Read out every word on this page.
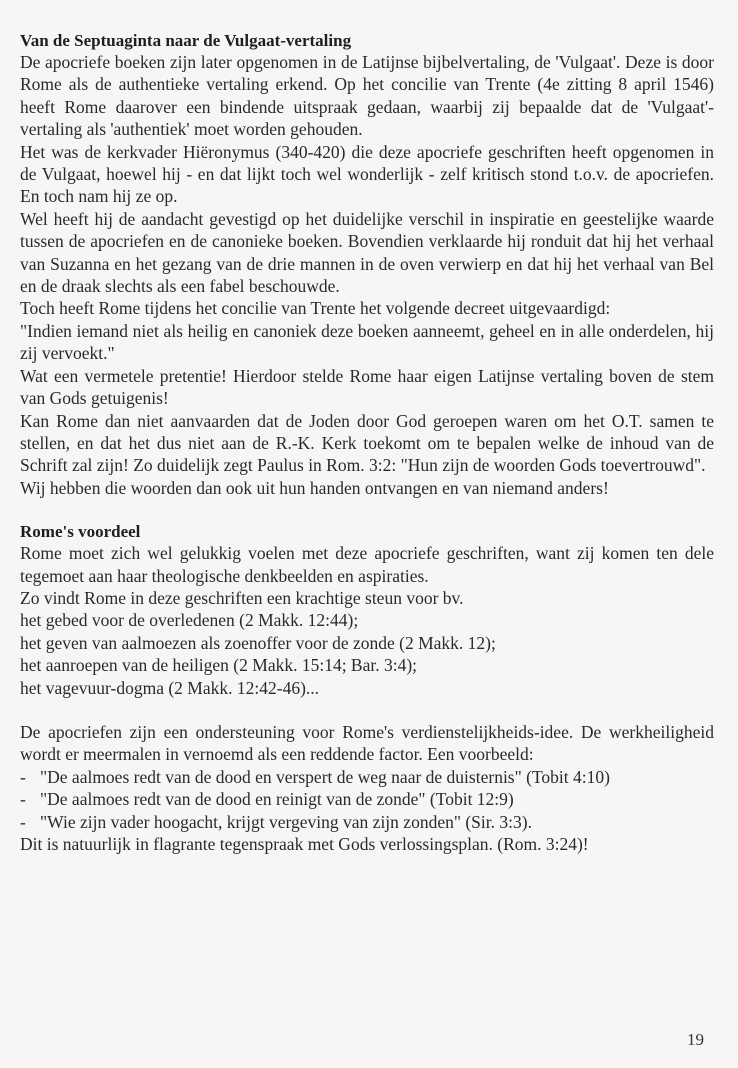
Van de Septuaginta naar de Vulgaat-vertaling

De apocriefe boeken zijn later opgenomen in de Latijnse bijbelvertaling, de 'Vulgaat'. Deze is door Rome als de authentieke vertaling erkend. Op het concilie van Trente (4e zitting 8 april 1546) heeft Rome daarover een bindende uitspraak gedaan, waarbij zij bepaalde dat de 'Vulgaat'- vertaling als 'authentiek' moet worden gehouden.

Het was de kerkvader Hiëronymus (340-420) die deze apocriefe geschriften heeft opgenomen in de Vulgaat, hoewel hij - en dat lijkt toch wel wonderlijk - zelf kritisch stond t.o.v. de apocriefen. En toch nam hij ze op.

Wel heeft hij de aandacht gevestigd op het duidelijke verschil in inspiratie en geestelijke waarde tussen de apocriefen en de canonieke boeken. Bovendien verklaarde hij ronduit dat hij het verhaal van Suzanna en het gezang van de drie mannen in de oven verwierp en dat hij het verhaal van Bel en de draak slechts als een fabel beschouwde.

Toch heeft Rome tijdens het concilie van Trente het volgende decreet uitgevaardigd:

"Indien iemand niet als heilig en canoniek deze boeken aanneemt, geheel en in alle onderdelen, hij zij vervoekt."

Wat een vermetele pretentie! Hierdoor stelde Rome haar eigen Latijnse vertaling boven de stem van Gods getuigenis!

Kan Rome dan niet aanvaarden dat de Joden door God geroepen waren om het O.T. samen te stellen, en dat het dus niet aan de R.-K. Kerk toekomt om te bepalen welke de inhoud van de Schrift zal zijn! Zo duidelijk zegt Paulus in Rom. 3:2: "Hun zijn de woorden Gods toevertrouwd".

Wij hebben die woorden dan ook uit hun handen ontvangen en van niemand anders!

Rome's voordeel

Rome moet zich wel gelukkig voelen met deze apocriefe geschriften, want zij komen ten dele tegemoet aan haar theologische denkbeelden en aspiraties.

Zo vindt Rome in deze geschriften een krachtige steun voor bv.

het gebed voor de overledenen (2 Makk. 12:44);

het geven van aalmoezen als zoenoffer voor de zonde (2 Makk. 12);

het aanroepen van de heiligen (2 Makk. 15:14; Bar. 3:4);

het vagevuur-dogma (2 Makk. 12:42-46)...

De apocriefen zijn een ondersteuning voor Rome's verdienstelijkheids-idee. De werkheiligheid wordt er meermalen in vernoemd als een reddende factor. Een voorbeeld:

- "De aalmoes redt van de dood en verspert de weg naar de duisternis" (Tobit 4:10)
- "De aalmoes redt van de dood en reinigt van de zonde" (Tobit 12:9)
- "Wie zijn vader hoogacht, krijgt vergeving van zijn zonden" (Sir. 3:3).

Dit is natuurlijk in flagrante tegenspraak met Gods verlossingsplan. (Rom. 3:24)!

19
